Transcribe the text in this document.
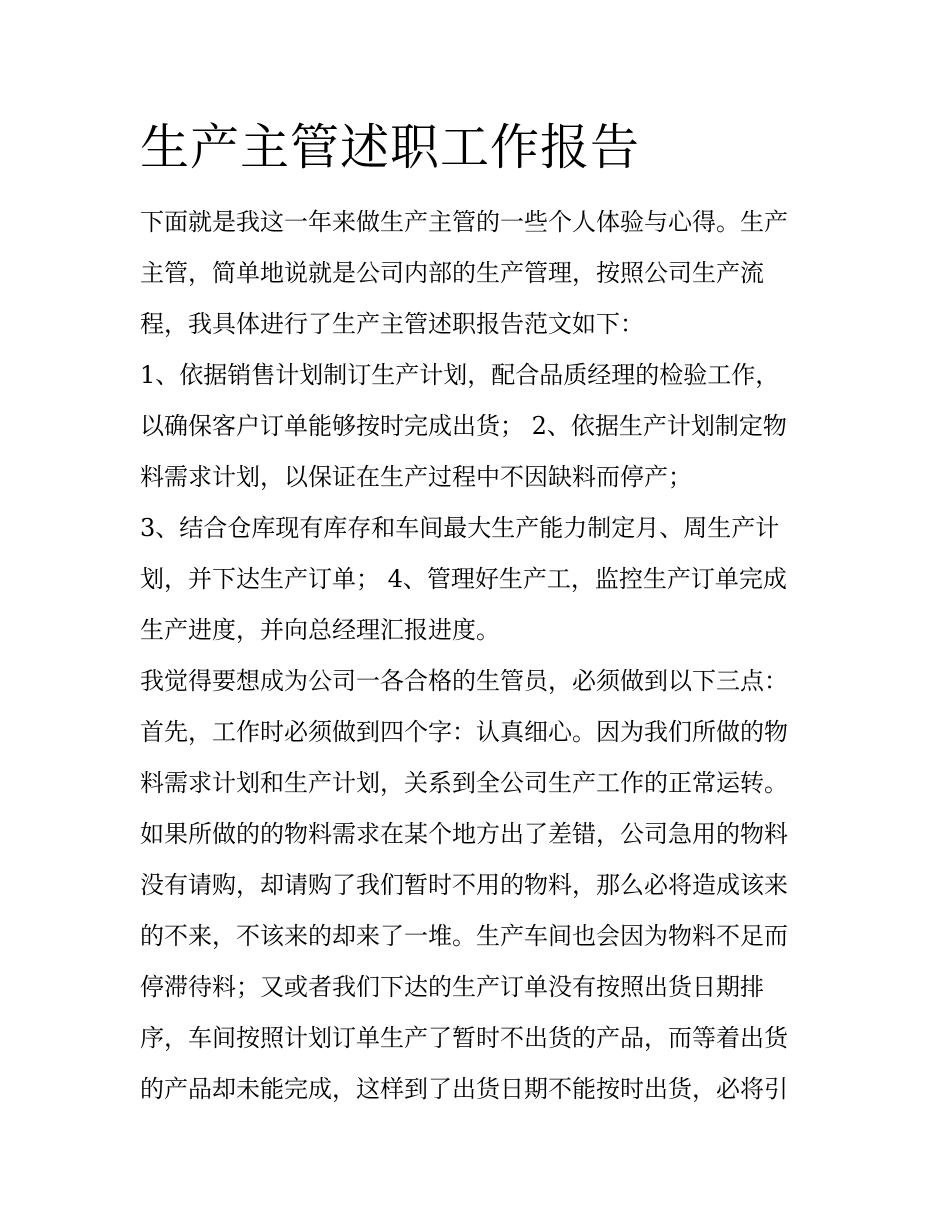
生产主管述职工作报告

下面就是我这一年来做生产主管的一些个人体验与心得。生产

主管，简单地说就是公司内部的生产管理，按照公司生产流

程，我具体进行了生产主管述职报告范文如下：

1、依据销售计划制订生产计划，配合品质经理的检验工作，

以确保客户订单能够按时完成出货； 2、依据生产计划制定物

料需求计划，以保证在生产过程中不因缺料而停产；

3、结合仓库现有库存和车间最大生产能力制定月、周生产计

划，并下达生产订单； 4、管理好生产工，监控生产订单完成

生产进度，并向总经理汇报进度。

我觉得要想成为公司一各合格的生管员，必须做到以下三点：

首先，工作时必须做到四个字：认真细心。因为我们所做的物

料需求计划和生产计划，关系到全公司生产工作的正常运转。

如果所做的的物料需求在某个地方出了差错，公司急用的物料

没有请购，却请购了我们暂时不用的物料，那么必将造成该来

的不来，不该来的却来了一堆。生产车间也会因为物料不足而

停滞待料；又或者我们下达的生产订单没有按照出货日期排

序，车间按照计划订单生产了暂时不出货的产品，而等着出货

的产品却未能完成，这样到了出货日期不能按时出货，必将引
